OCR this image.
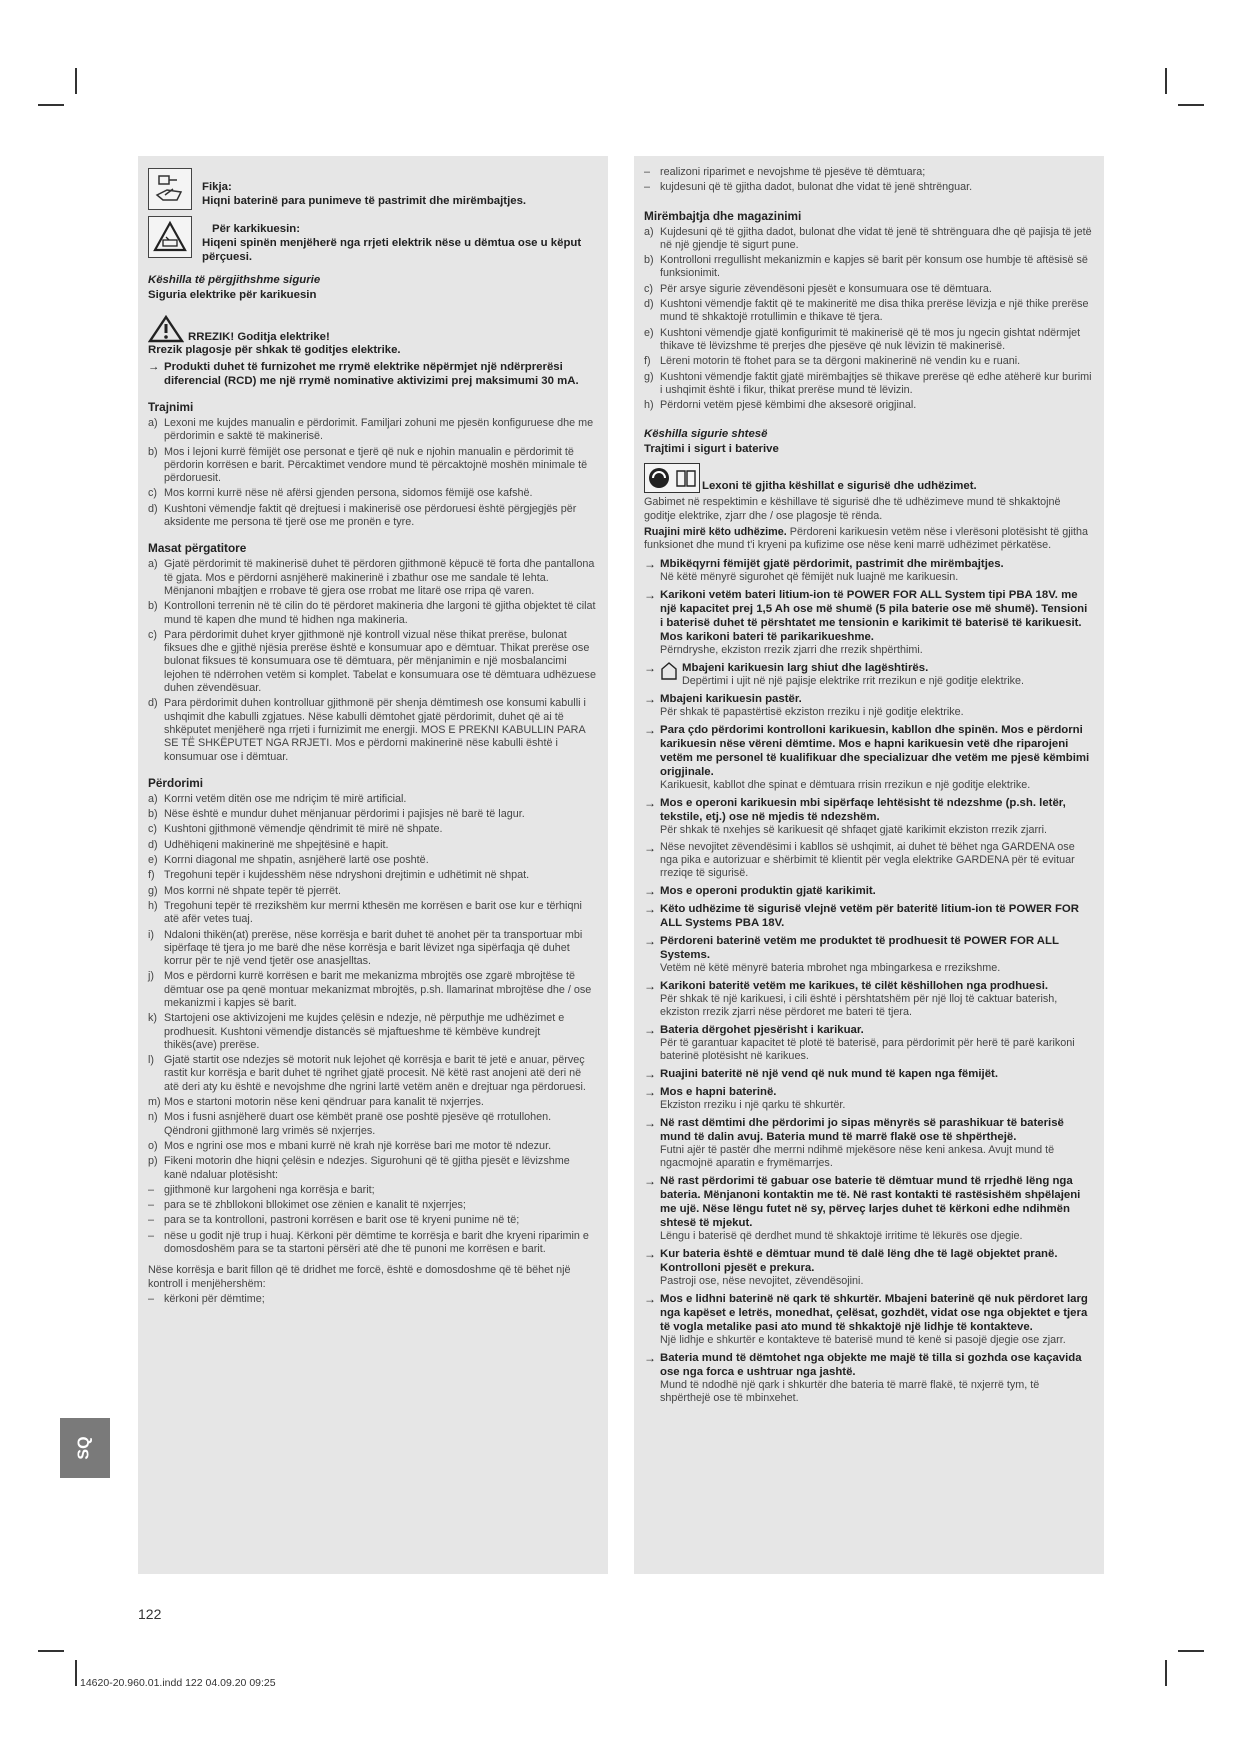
Fikja:
Hiqni baterinë para punimeve të pastrimit dhe mirëmbajtjes.
Për karkikuesin:
Hiqeni spinën menjëherë nga rrjeti elektrik nëse u dëmtua ose u këput përçuesi.
Këshilla të përgjithshme sigurie
Siguria elektrike për karikuesin
RREZIK! Goditja elektrike!
Rrezik plagosje për shkak të goditjes elektrike.
→ Produkti duhet të furnizohet me rrymë elektrike nëpërmjet një ndërprerësi diferencial (RCD) me një rrymë nominative aktivizimi prej maksimumi 30 mA.
Trajnimi
a) Lexoni me kujdes manualin e përdorimit. Familjari zohuni me pjesën konfiguruese dhe me përdorimin e saktë të makinerisë.
b) Mos i lejoni kurrë fëmijët ose personat e tjerë që nuk e njohin manualin e përdorimit të përdorin korrësen e barit. Përcaktimet vendore mund të përcaktojnë moshën minimale të përdoruesit.
c) Mos korrni kurrë nëse në afërsi gjenden persona, sidomos fëmijë ose kafshë.
d) Kushtoni vëmendje faktit që drejtuesi i makinerisë ose përdoruesi është përgjegjës për aksidente me persona të tjerë ose me pronën e tyre.
Masat përgatitore
a) Gjatë përdorimit të makinerisë duhet të përdoren gjithmonë këpucë të forta dhe pantallona të gjata. Mos e përdorni asnjëherë makinerinë i zbathur ose me sandale të lehta. Mënjanoni mbajtjen e rrobave të gjera ose rrobat me litarë ose rripa që varen.
b) Kontrolloni terrenin në të cilin do të përdoret makineria dhe largoni të gjitha objektet të cilat mund të kapen dhe mund të hidhen nga makineria.
c) Para përdorimit duhet kryer gjithmonë një kontroll vizual nëse thikat prerëse, bulonat fiksues dhe e gjithë njësia prerëse është e konsumuar apo e dëmtuar. Thikat prerëse ose bulonat fiksues të konsumuara ose të dëmtuara, për mënjanimin e një mosbalancimi lejohen të ndërrohen vetëm si komplet. Tabelat e konsumuara ose të dëmtuara udhëzuese duhen zëvendësuar.
d) Para përdorimit duhen kontrolluar gjithmonë për shenja dëmtimesh ose konsumi kabulli i ushqimit dhe kabulli zgjatues. Nëse kabulli dëmtohet gjatë përdorimit, duhet që ai të shkëputet menjëherë nga rrjeti i furnizimit me energji. MOS E PREKNI KABULLIN PARA SE TË SHKËPUTET NGA RRJETI. Mos e përdorni makinerinë nëse kabulli është i konsumuar ose i dëmtuar.
Përdorimi
a) Korrni vetëm ditën ose me ndriçim të mirë artificial.
b) Nëse është e mundur duhet mënjanuar përdorimi i pajisjes në barë të lagur.
c) Kushtoni gjithmonë vëmendje qëndrimit të mirë në shpate.
d) Udhëhiqeni makinerinë me shpejtësinë e hapit.
e) Korrni diagonal me shpatin, asnjëherë lartë ose poshtë.
f) Tregohuni tepër i kujdesshëm nëse ndryshoni drejtimin e udhëtimit në shpat.
g) Mos korrni në shpate tepër të pjerrët.
h) Tregohuni tepër të rrezikshëm kur merrni kthesën me korrësen e barit ose kur e tërhiqni atë afër vetes tuaj.
i) Ndaloni thikën(at) prerëse, nëse korrësja e barit duhet të anohet për ta transportuar mbi sipërfaqe të tjera jo me barë dhe nëse korrësja e barit lëvizet nga sipërfaqja që duhet korrur për te një vend tjetër ose anasjelltas.
j) Mos e përdorni kurrë korrësen e barit me mekanizma mbrojtës ose zgarë mbrojtëse të dëmtuar ose pa qenë montuar mekanizmat mbrojtës, p.sh. llamarinat mbrojtëse dhe / ose mekanizmi i kapjes së barit.
k) Startojeni ose aktivizojeni me kujdes çelësin e ndezje, në përputhje me udhëzimet e prodhuesit. Kushtoni vëmendje distancës së mjaftueshme të këmbëve kundrejt thikës(ave) prerëse.
l) Gjatë startit ose ndezjes së motorit nuk lejohet që korrësja e barit të jetë e anuar, përveç rastit kur korrësja e barit duhet të ngrihet gjatë procesit. Në këtë rast anojeni atë deri në atë deri aty ku është e nevojshme dhe ngrini lartë vetëm anën e drejtuar nga përdoruesi.
m) Mos e startoni motorin nëse keni qëndruar para kanalit të nxjerrjes.
n) Mos i fusni asnjëherë duart ose këmbët pranë ose poshtë pjesëve që rrotullohen. Qëndroni gjithmonë larg vrimës së nxjerrjes.
o) Mos e ngrini ose mos e mbani kurrë në krah një korrëse bari me motor të ndezur.
p) Fikeni motorin dhe hiqni çelësin e ndezjes. Sigurohuni që të gjitha pjesët e lëvizshme kanë ndaluar plotësisht:
– gjithmonë kur largoheni nga korrësja e barit;
– para se të zhbllokoni bllokimet ose zënien e kanalit të nxjerrjes;
– para se ta kontrolloni, pastroni korrësen e barit ose të kryeni punime në të;
– nëse u godit një trup i huaj. Kërkoni për dëmtime te korrësja e barit dhe kryeni riparimin e domosdoshëm para se ta startoni përsëri atë dhe të punoni me korrësen e barit.
Nëse korrësja e barit fillon që të dridhet me forcë, është e domosdoshme që të bëhet një kontroll i menjëhershëm:
– kërkoni për dëmtime;
– realizoni riparimet e nevojshme të pjesëve të dëmtuara;
– kujdesuni që të gjitha dadot, bulonat dhe vidat të jenë shtrënguar.
Mirëmbajtja dhe magazinimi
a) Kujdesuni që të gjitha dadot, bulonat dhe vidat të jenë të shtrënguara dhe që pajisja të jetë në një gjendje të sigurt pune.
b) Kontrolloni rregullisht mekanizmin e kapjes së barit për konsum ose humbje të aftësisë së funksionimit.
c) Për arsye sigurie zëvendësoni pjesët e konsumuara ose të dëmtuara.
d) Kushtoni vëmendje faktit që te makineritë me disa thika prerëse lëvizja e një thike prerëse mund të shkaktojë rrotullimin e thikave të tjera.
e) Kushtoni vëmendje gjatë konfigurimit të makinerisë që të mos ju ngecin gishtat ndërmjet thikave të lëvizshme të prerjes dhe pjesëve që nuk lëvizin të makinerisë.
f) Lëreni motorin të ftohet para se ta dërgoni makinerinë në vendin ku e ruani.
g) Kushtoni vëmendje faktit gjatë mirëmbajtjes së thikave prerëse që edhe atëherë kur burimi i ushqimit është i fikur, thikat prerëse mund të lëvizin.
h) Përdorni vetëm pjesë këmbimi dhe aksesorë origjinal.
Këshilla sigurie shtesë
Trajtimi i sigurt i baterive
Lexoni të gjitha këshillat e sigurisë dhe udhëzimet.
Gabimet në respektimin e këshillave të sigurisë dhe të udhëzimeve mund të shkaktojnë goditje elektrike, zjarr dhe / ose plagosje të rënda.
Ruajini mirë këto udhëzime. Përdoreni karikuesin vetëm nëse i vlerësoni plotësisht të gjitha funksionet dhe mund t'i kryeni pa kufizime ose nëse keni marrë udhëzimet përkatëse.
→ Mbikëqyrni fëmijët gjatë përdorimit, pastrimit dhe mirëmbajtjes.
Në këtë mënyrë sigurohet që fëmijët nuk luajnë me karikuesin.
→ Karikoni vetëm bateri litium-ion të POWER FOR ALL System tipi PBA 18V. me një kapacitet prej 1,5 Ah ose më shumë (5 pila baterie ose më shumë). Tensioni i baterisë duhet të përshtatet me tensionin e karikimit të baterisë të karikuesit. Mos karikoni bateri të parikarikueshme.
Përndryshe, ekziston rrezik zjarri dhe rrezik shpërthimi.
→	Mbajeni karikuesin larg shiut dhe lagështirës.
Depërtimi i ujit në një pajisje elektrike rrit rrezikun e një goditje elektrike.
→ Mbajeni karikuesin pastër.
Për shkak të papastërtisë ekziston rreziku i një goditje elektrike.
→ Para çdo përdorimi kontrolloni karikuesin, kabllon dhe spinën. Mos e përdorni karikuesin nëse vëreni dëmtime. Mos e hapni karikuesin vetë dhe riparojeni vetëm me personel të kualifikuar dhe specializuar dhe vetëm me pjesë këmbimi origjinale.
Karikuesit, kabllot dhe spinat e dëmtuara rrisin rrezikun e një goditje elektrike.
→ Mos e operoni karikuesin mbi sipërfaqe lehtësisht të ndezshme (p.sh. letër, tekstile, etj.) ose në mjedis të ndezshëm.
Për shkak të nxehjes së karikuesit që shfaqet gjatë karikimit ekziston rrezik zjarri.
→ Nëse nevojitet zëvendësimi i kabllos së ushqimit, ai duhet të bëhet nga GARDENA ose nga pika e autorizuar e shërbimit të klientit për vegla elektrike GARDENA për të evituar rreziqe të sigurisë.
→ Mos e operoni produktin gjatë karikimit.
→ Këto udhëzime të sigurisë vlejnë vetëm për bateritë litium-ion të POWER FOR ALL Systems PBA 18V.
→ Përdoreni baterinë vetëm me produktet të prodhuesit të POWER FOR ALL Systems.
Vetëm në këtë mënyrë bateria mbrohet nga mbingarkesa e rrezikshme.
→ Karikoni bateritë vetëm me karikues, të cilët këshillohen nga prodhuesi.
Për shkak të një karikuesi, i cili është i përshtatshëm për një lloj të caktuar baterish, ekziston rrezik zjarri nëse përdoret me bateri të tjera.
→ Bateria dërgohet pjesërisht i karikuar.
Për të garantuar kapacitet të plotë të baterisë, para përdorimit për herë të parë karikoni baterinë plotësisht në karikues.
→ Ruajini bateritë në një vend që nuk mund të kapen nga fëmijët.
→ Mos e hapni baterinë.
Ekziston rreziku i një qarku të shkurtër.
→ Në rast dëmtimi dhe përdorimi jo sipas mënyrës së parashikuar të baterisë mund të dalin avuj. Bateria mund të marrë flakë ose të shpërthejë.
Futni ajër të pastër dhe merrni ndihmë mjekësore nëse keni ankesa. Avujt mund të ngacmojnë aparatin e frymëmarrjes.
→ Në rast përdorimi të gabuar ose baterie të dëmtuar mund të rrjedhë lëng nga bateria. Mënjanoni kontaktin me të. Në rast kontakti të rastësishëm shpëlajeni me ujë. Nëse lëngu futet në sy, përveç larjes duhet të kërkoni edhe ndihmën shtesë të mjekut.
Lëngu i baterisë që derdhet mund të shkaktojë irritime të lëkurës ose djegie.
→ Kur bateria është e dëmtuar mund të dalë lëng dhe të lagë objektet pranë. Kontrolloni pjesët e prekura.
Pastroji ose, nëse nevojitet, zëvendësojini.
→ Mos e lidhni baterinë në qark të shkurtër. Mbajeni baterinë që nuk përdoret larg nga kapëset e letrës, monedhat, çelësat, gozhdët, vidat ose nga objektet e tjera të vogla metalike pasi ato mund të shkaktojë një lidhje të kontakteve.
Një lidhje e shkurtër e kontakteve të baterisë mund të kenë si pasojë djegie ose zjarr.
→ Bateria mund të dëmtohet nga objekte me majë të tilla si gozhda ose kaçavida ose nga forca e ushtruar nga jashtë.
Mund të ndodhë një qark i shkurtër dhe bateria të marrë flakë, të nxjerrë tym, të shpërthejë ose të mbinxehet.
SQ
122
14620-20.960.01.indd 122 04.09.20 09:25
